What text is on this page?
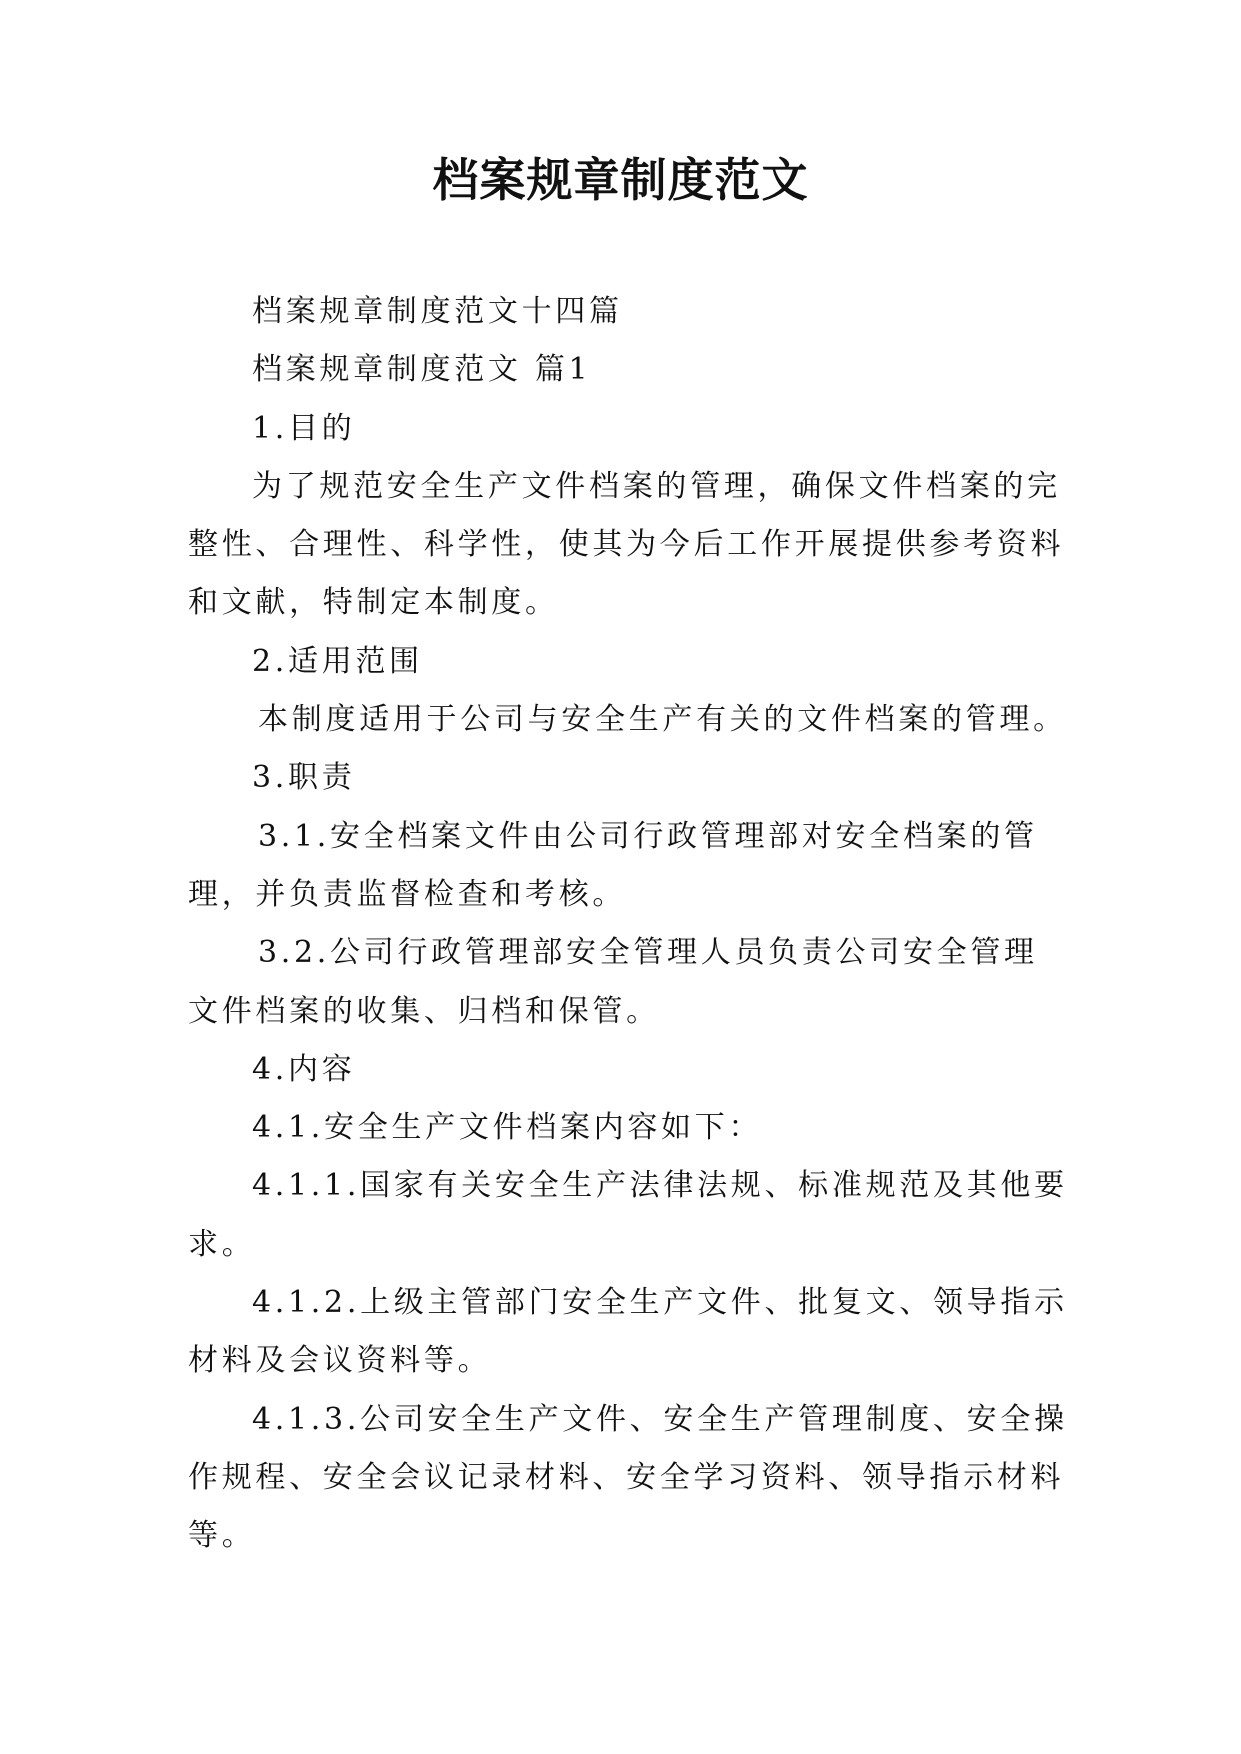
档案规章制度范文
档案规章制度范文十四篇
档案规章制度范文 篇1
1.目的
为了规范安全生产文件档案的管理，确保文件档案的完
整性、合理性、科学性，使其为今后工作开展提供参考资料
和文献，特制定本制度。
2.适用范围
本制度适用于公司与安全生产有关的文件档案的管理。
3.职责
3.1.安全档案文件由公司行政管理部对安全档案的管
理，并负责监督检查和考核。
3.2.公司行政管理部安全管理人员负责公司安全管理
文件档案的收集、归档和保管。
4.内容
4.1.安全生产文件档案内容如下：
4.1.1.国家有关安全生产法律法规、标准规范及其他要
求。
4.1.2.上级主管部门安全生产文件、批复文、领导指示
材料及会议资料等。
4.1.3.公司安全生产文件、安全生产管理制度、安全操
作规程、安全会议记录材料、安全学习资料、领导指示材料
等。
